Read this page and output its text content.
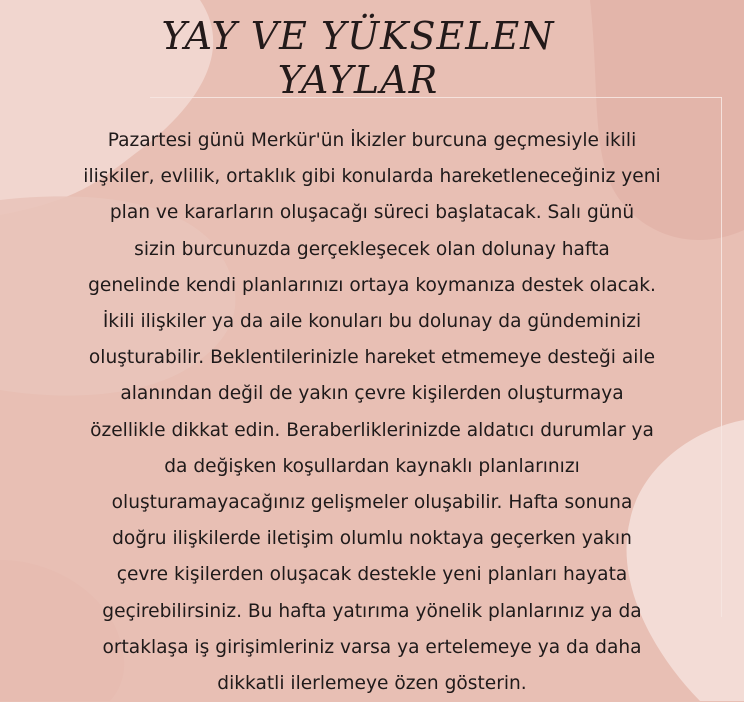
YAY VE YÜKSELEN
YAYLAR
Pazartesi günü Merkür'ün İkizler burcuna geçmesiyle ikili
ilişkiler, evlilik, ortaklık gibi konularda hareketleneceğiniz yeni
plan ve kararların oluşacağı süreci başlatacak. Salı günü
sizin burcunuzda gerçekleşecek olan dolunay hafta
genelinde kendi planlarınızı ortaya koymanıza destek olacak.
İkili ilişkiler ya da aile konuları bu dolunay da gündeminizi
oluşturabilir. Beklentilerinizle hareket etmemeye desteği aile
alanından değil de yakın çevre kişilerden oluşturmaya
özellikle dikkat edin. Beraberliklerinizde aldatıcı durumlar ya
da değişken koşullardan kaynaklı planlarınızı
oluşturamayacağınız gelişmeler oluşabilir. Hafta sonuna
doğru ilişkilerde iletişim olumlu noktaya geçerken yakın
çevre kişilerden oluşacak destekle yeni planları hayata
geçirebilirsiniz. Bu hafta yatırıma yönelik planlarınız ya da
ortaklaşa iş girişimleriniz varsa ya ertelemeye ya da daha
dikkatli ilerlemeye özen gösterin.
